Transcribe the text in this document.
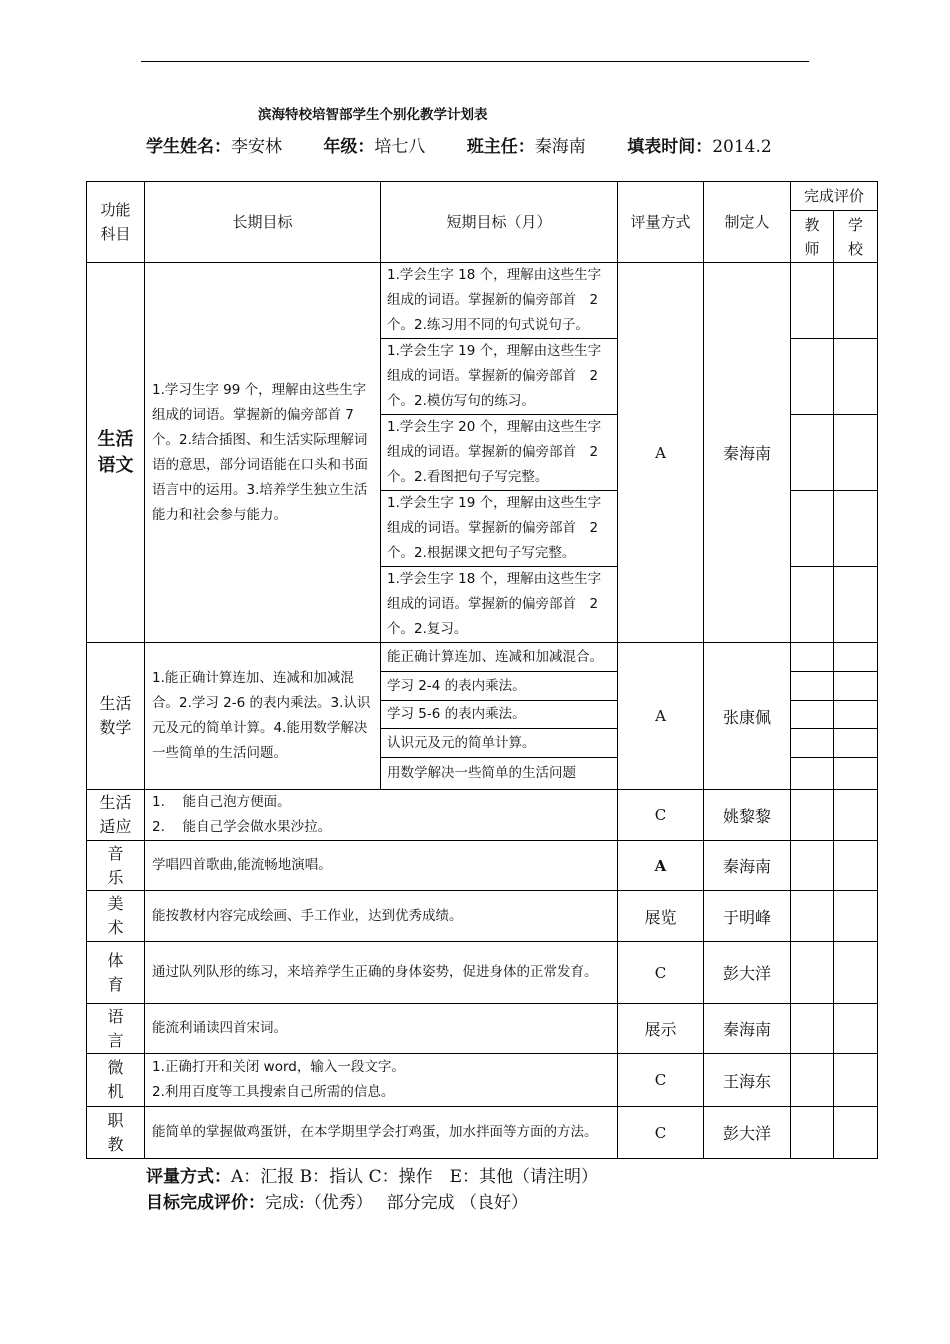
滨海特校培智部学生个别化教学计划表
学生姓名：李安林 年级：培七八 班主任：秦海南 填表时间：2014.2
功能科目	长期目标	短期目标（月）	评量方式	制定人	完成评价	

					教师	学校

生活语文	1.学习生字 99 个，理解由这些生字组成的词语。掌握新的偏旁部首 7 个。2.结合插图、和生活实际理解词语的意思，部分词语能在口头和书面语言中的运用。3.培养学生独立生活能力和社会参与能力。	1.学会生字 18 个，理解由这些生字组成的词语。掌握新的偏旁部首　2 个。2.练习用不同的句式说句子。	A	秦海南		
		1.学会生字 19 个，理解由这些生字组成的词语。掌握新的偏旁部首　2 个。2.模仿写句的练习。				
		1.学会生字 20 个，理解由这些生字组成的词语。掌握新的偏旁部首　2 个。2.看图把句子写完整。				
		1.学会生字 19 个，理解由这些生字组成的词语。掌握新的偏旁部首　2 个。2.根据课文把句子写完整。				
		1.学会生字 18 个，理解由这些生字组成的词语。掌握新的偏旁部首　2 个。2.复习。				

生活数学	1.能正确计算连加、连减和加减混合。2.学习 2-6 的表内乘法。3.认识元及元的简单计算。4.能用数学解决一些简单的生活问题。	能正确计算连加、连减和加减混合。	A	张康佩		
		学习 2-4 的表内乘法。				
		学习 5-6 的表内乘法。				
		认识元及元的简单计算。				
		用数学解决一些简单的生活问题				

生活适应	1.　 能自己泡方便面。
2.　 能自己学会做水果沙拉。		C	姚黎黎		

音乐	学唱四首歌曲,能流畅地演唱。		A	秦海南		

美术	能按教材内容完成绘画、手工作业，达到优秀成绩。		展览	于明峰		

体育	通过队列队形的练习，来培养学生正确的身体姿势，促进身体的正常发育。		C	彭大洋		

语言	能流利诵读四首宋词。		展示	秦海南		

微机	1.正确打开和关闭 word，输入一段文字。
2.利用百度等工具搜索自己所需的信息。		C	王海东		

职教	能简单的掌握做鸡蛋饼，在本学期里学会打鸡蛋，加水拌面等方面的方法。		C	彭大洋		
评量方式：A：汇报 B：指认 C：操作　E：其他（请注明）
目标完成评价：完成:（优秀）　 部分完成 （良好）
